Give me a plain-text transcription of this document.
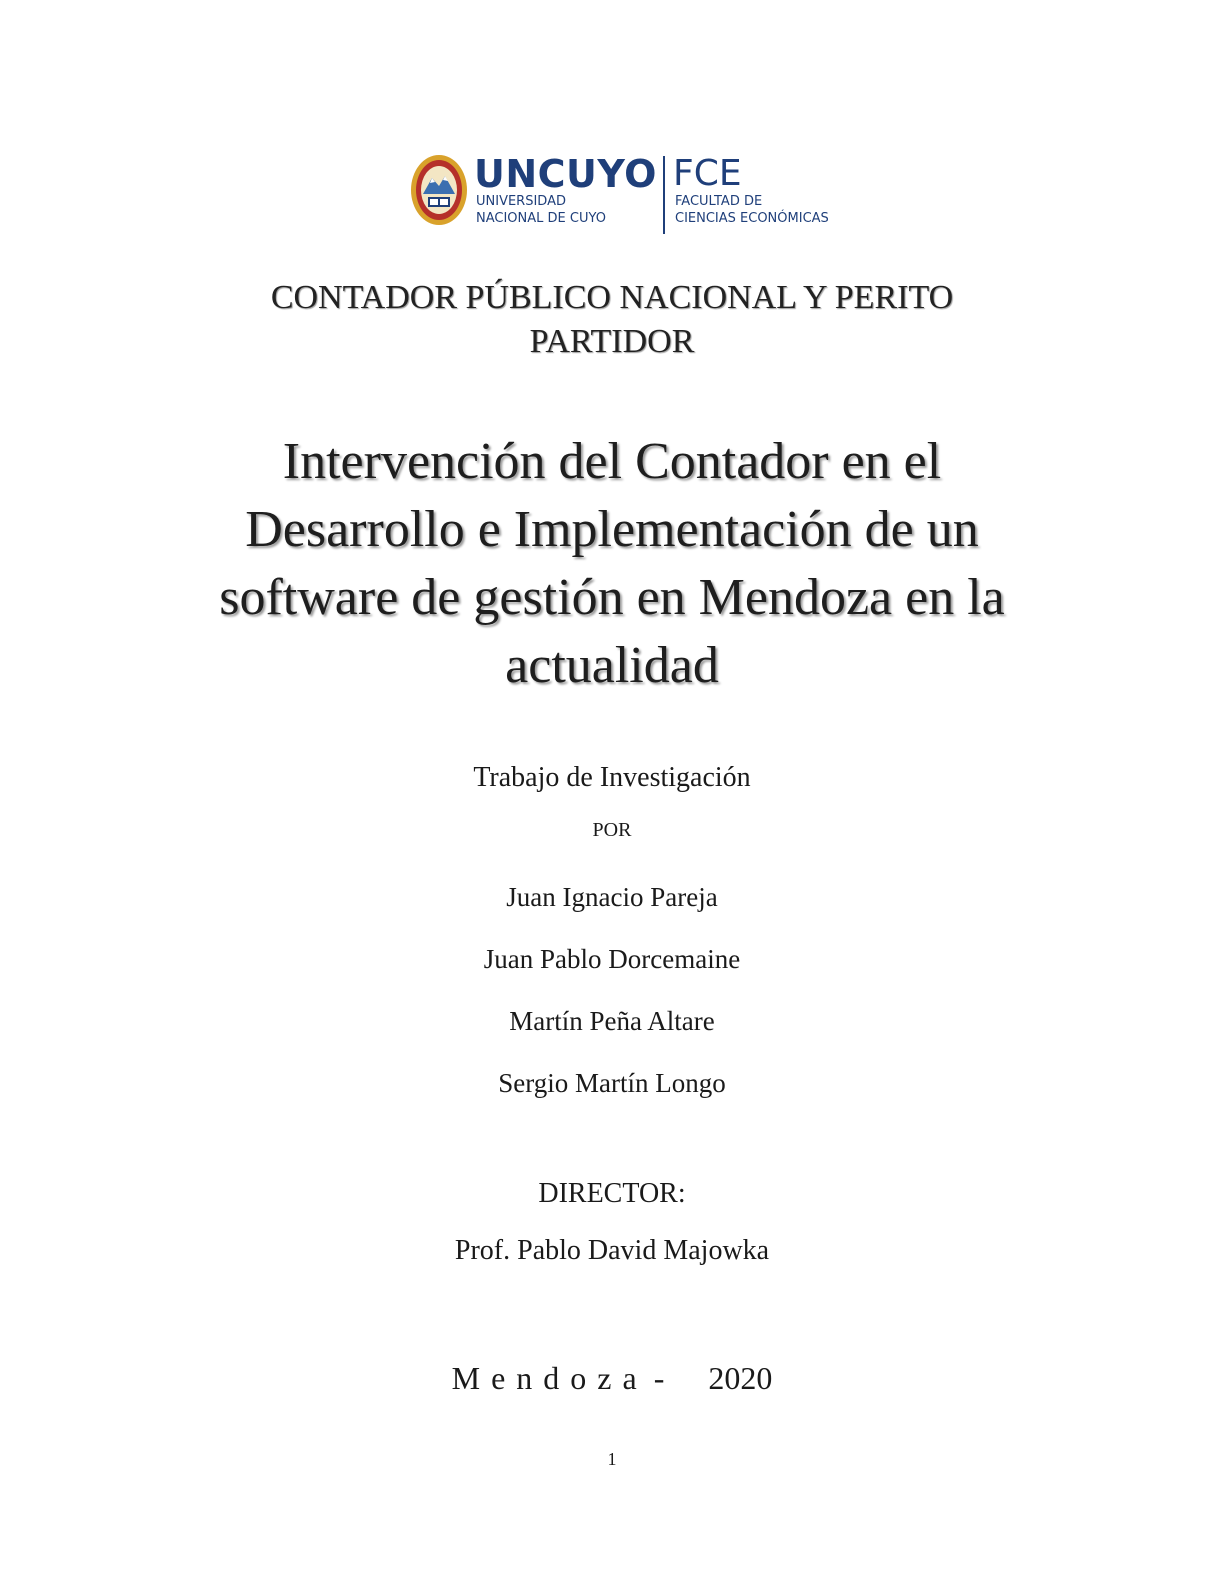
UNCUYO
UNIVERSIDAD
NACIONAL DE CUYO
FCE
FACULTAD DE
CIENCIAS ECONÓMICAS
CONTADOR PÚBLICO NACIONAL Y PERITO
PARTIDOR
Intervención del Contador en el
Desarrollo e Implementación de un
software de gestión en Mendoza en la
actualidad
Trabajo de Investigación
POR
Juan Ignacio Pareja
Juan Pablo Dorcemaine
Martín Peña Altare
Sergio Martín Longo
DIRECTOR:
Prof. Pablo David Majowka
Mendoza - 2020
1
